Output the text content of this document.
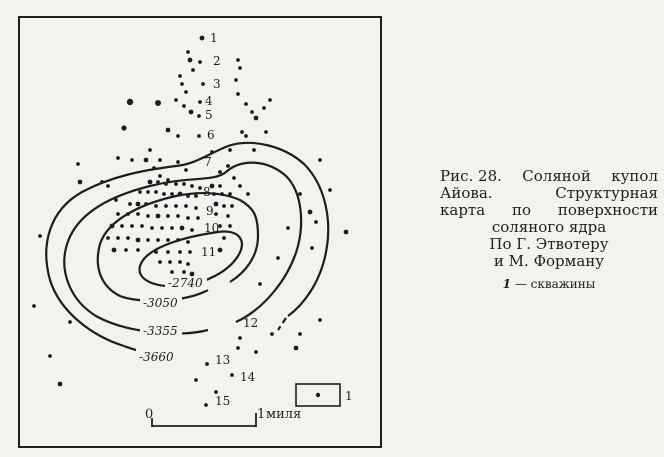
1
2
3
4
5
6
7
8
9
10
11
12
13
14
15
-2740
-3050
-3355
-3660
0	1 миля
1
Рис. 28. Соляной купол
Айова.	Структурная
карта по поверхности
соляного ядра
По Г. Этвотеру
и М. Форману
1 — скважины
